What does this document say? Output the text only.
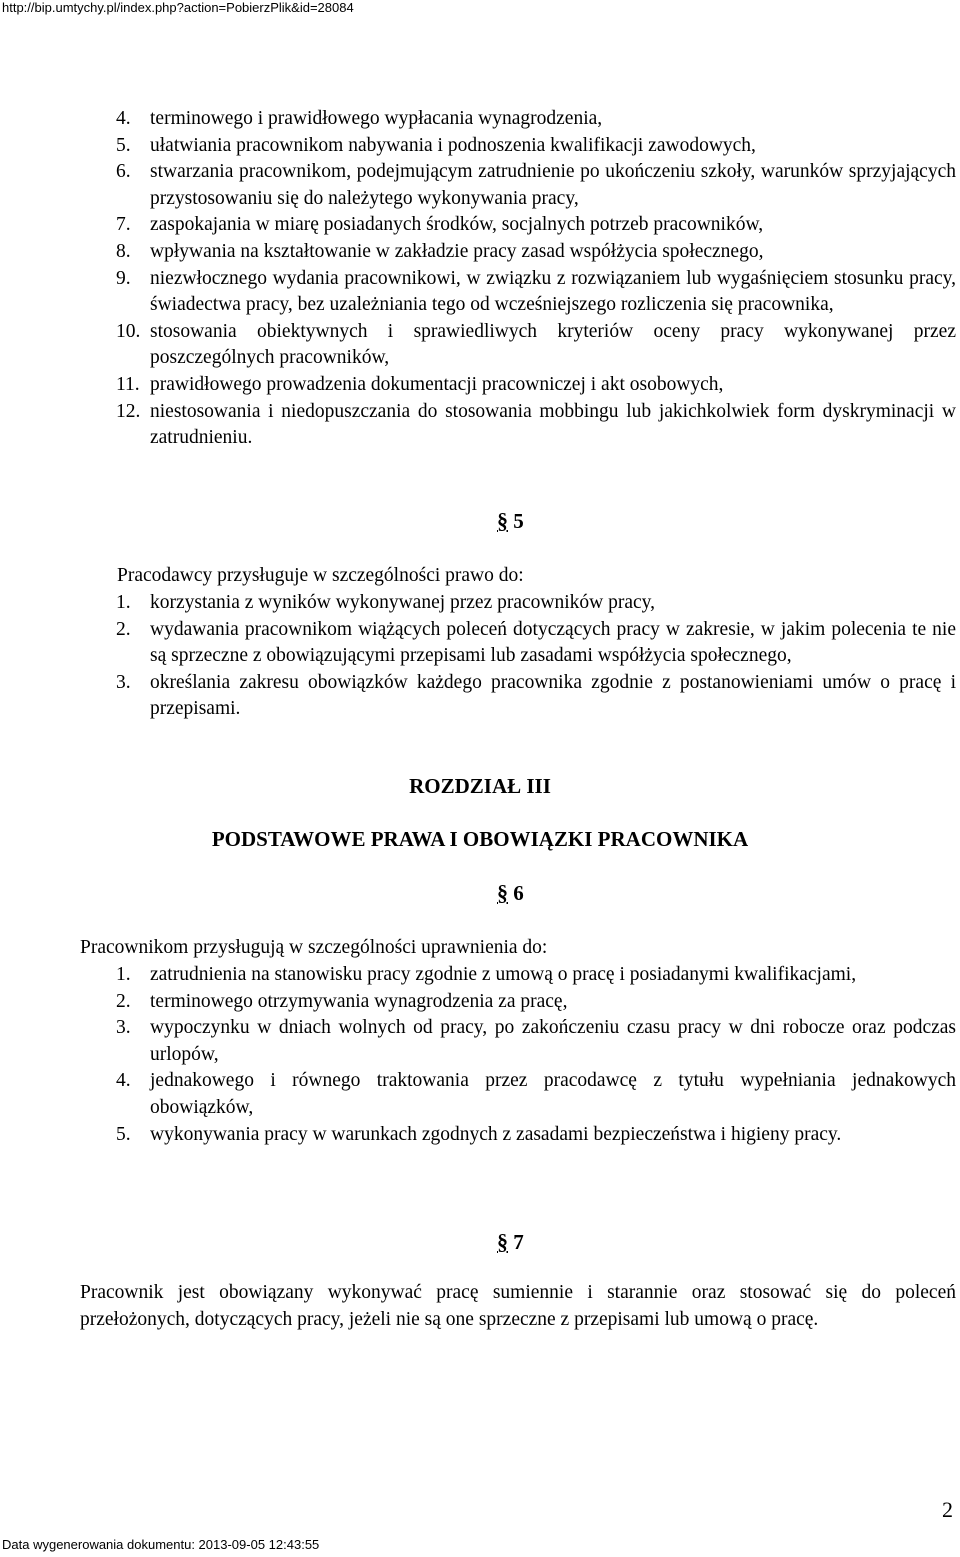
http://bip.umtychy.pl/index.php?action=PobierzPlik&id=28084
4. terminowego i prawidłowego wypłacania wynagrodzenia,
5. ułatwiania pracownikom nabywania i podnoszenia kwalifikacji zawodowych,
6. stwarzania pracownikom, podejmującym zatrudnienie po ukończeniu szkoły, warunków sprzyjających przystosowaniu się do należytego wykonywania pracy,
7. zaspokajania w miarę posiadanych środków, socjalnych potrzeb pracowników,
8. wpływania na kształtowanie w zakładzie pracy zasad współżycia społecznego,
9. niezwłocznego wydania pracownikowi, w związku z rozwiązaniem lub wygaśnięciem stosunku pracy, świadectwa pracy, bez uzależniania tego od wcześniejszego rozliczenia się pracownika,
10. stosowania obiektywnych i sprawiedliwych kryteriów oceny pracy wykonywanej przez poszczególnych pracowników,
11. prawidłowego prowadzenia dokumentacji pracowniczej i akt osobowych,
12. niestosowania i niedopuszczania do stosowania mobbingu lub jakichkolwiek form dyskryminacji w zatrudnieniu.
§ 5
Pracodawcy przysługuje w szczególności prawo do:
1. korzystania z wyników wykonywanej przez pracowników pracy,
2. wydawania pracownikom wiążących poleceń dotyczących pracy w zakresie, w jakim polecenia te nie są sprzeczne z obowiązującymi przepisami lub zasadami współżycia społecznego,
3. określania zakresu obowiązków każdego pracownika zgodnie z postanowieniami umów o pracę i przepisami.
ROZDZIAŁ III
PODSTAWOWE PRAWA I OBOWIĄZKI PRACOWNIKA
§ 6
Pracownikom przysługują w szczególności uprawnienia do:
1. zatrudnienia na stanowisku pracy zgodnie z umową o pracę i posiadanymi kwalifikacjami,
2. terminowego otrzymywania wynagrodzenia za pracę,
3. wypoczynku w dniach wolnych od pracy, po zakończeniu czasu pracy w dni robocze oraz podczas urlopów,
4. jednakowego i równego traktowania przez pracodawcę z tytułu wypełniania jednakowych obowiązków,
5. wykonywania pracy w warunkach zgodnych z zasadami bezpieczeństwa i higieny pracy.
§ 7
Pracownik jest obowiązany wykonywać pracę sumiennie i starannie oraz stosować się do poleceń przełożonych, dotyczących pracy, jeżeli nie są one sprzeczne z przepisami lub umową o pracę.
2
Data wygenerowania dokumentu: 2013-09-05 12:43:55
